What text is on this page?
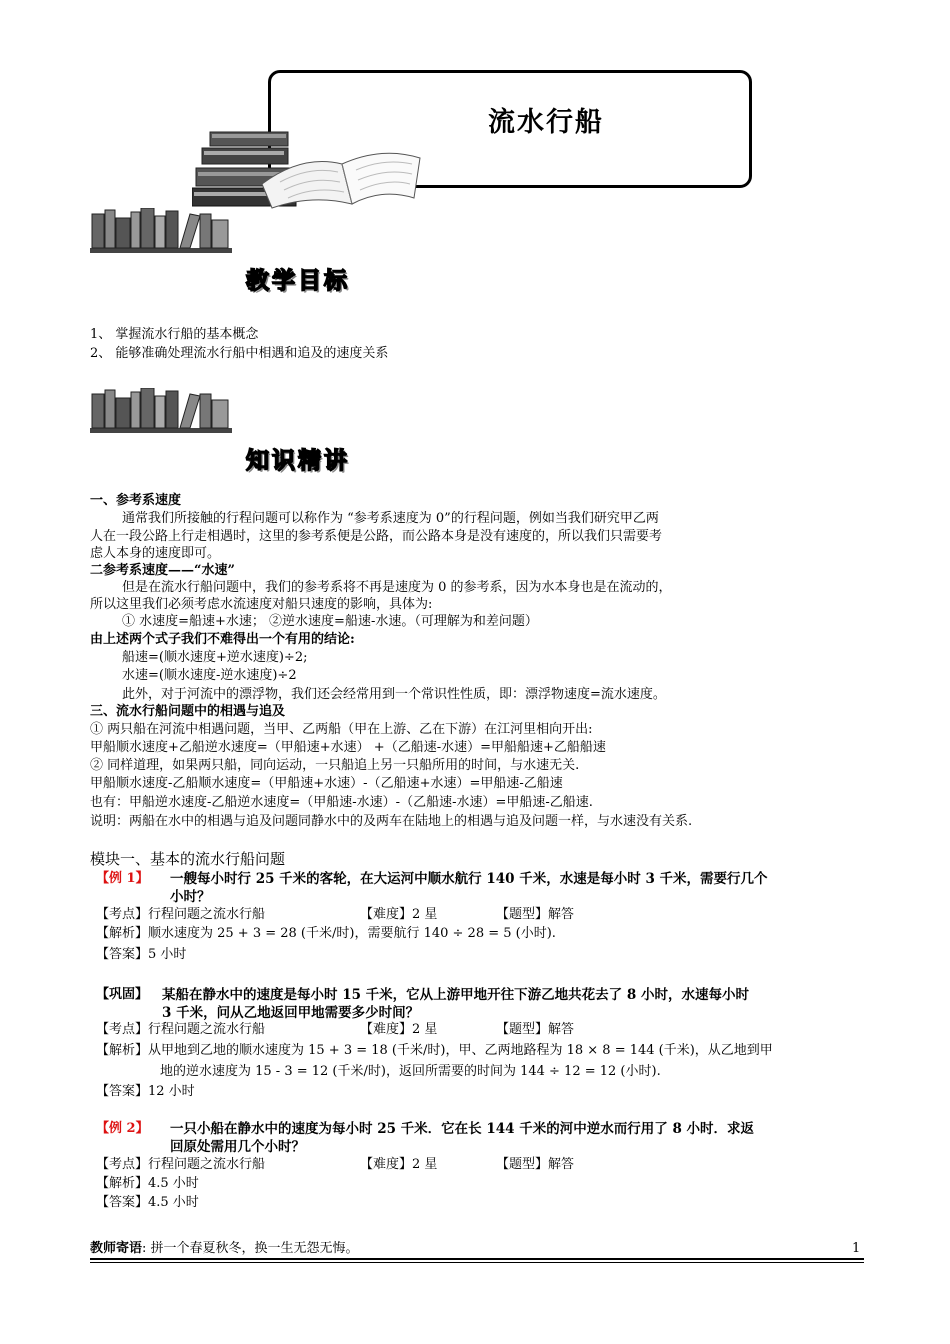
流水行船
教学目标
1、 掌握流水行船的基本概念
2、 能够准确处理流水行船中相遇和追及的速度关系
知识精讲
一、参考系速度
通常我们所接触的行程问题可以称作为 “参考系速度为 0”的行程问题，例如当我们研究甲乙两
人在一段公路上行走相遇时，这里的参考系便是公路，而公路本身是没有速度的，所以我们只需要考
虑人本身的速度即可。
二参考系速度——“水速”
但是在流水行船问题中，我们的参考系将不再是速度为 0 的参考系，因为水本身也是在流动的，
所以这里我们必须考虑水流速度对船只速度的影响，具体为:
① 水速度=船速+水速； ②逆水速度=船速-水速。（可理解为和差问题）
由上述两个式子我们不难得出一个有用的结论:
船速=(顺水速度+逆水速度)÷2;
水速=(顺水速度-逆水速度)÷2
此外，对于河流中的漂浮物，我们还会经常用到一个常识性性质，即：漂浮物速度=流水速度。
三、流水行船问题中的相遇与追及
① 两只船在河流中相遇问题，当甲、乙两船（甲在上游、乙在下游）在江河里相向开出:
甲船顺水速度+乙船逆水速度=（甲船速+水速） +（乙船速-水速）=甲船船速+乙船船速
② 同样道理，如果两只船，同向运动，一只船追上另一只船所用的时间，与水速无关.
甲船顺水速度-乙船顺水速度=（甲船速+水速）-（乙船速+水速）=甲船速-乙船速
也有：甲船逆水速度-乙船逆水速度=（甲船速-水速）-（乙船速-水速）=甲船速-乙船速.
说明：两船在水中的相遇与追及问题同静水中的及两车在陆地上的相遇与追及问题一样，与水速没有关系.
模块一、基本的流水行船问题
【例 1】 一艘每小时行 25 千米的客轮，在大运河中顺水航行 140 千米，水速是每小时 3 千米，需要行几个
小时？
【考点】行程问题之流水行船	【难度】2 星	【题型】解答
【解析】顺水速度为 25 + 3 = 28 (千米/时)，需要航行 140 ÷ 28 = 5 (小时).
【答案】5 小时
【巩固】 某船在静水中的速度是每小时 15 千米，它从上游甲地开往下游乙地共花去了 8 小时，水速每小时
3 千米，问从乙地返回甲地需要多少时间？
【考点】行程问题之流水行船	【难度】2 星	【题型】解答
【解析】从甲地到乙地的顺水速度为 15 + 3 = 18 (千米/时)，甲、乙两地路程为 18 × 8 = 144 (千米)，从乙地到甲
地的逆水速度为 15 - 3 = 12 (千米/时)，返回所需要的时间为 144 ÷ 12 = 12 (小时).
【答案】12 小时
【例 2】 一只小船在静水中的速度为每小时 25 千米．它在长 144 千米的河中逆水而行用了 8 小时．求返
回原处需用几个小时？
【考点】行程问题之流水行船	【难度】2 星	【题型】解答
【解析】4.5 小时
【答案】4.5 小时
教师寄语: 拼一个春夏秋冬，换一生无怨无悔。	1
